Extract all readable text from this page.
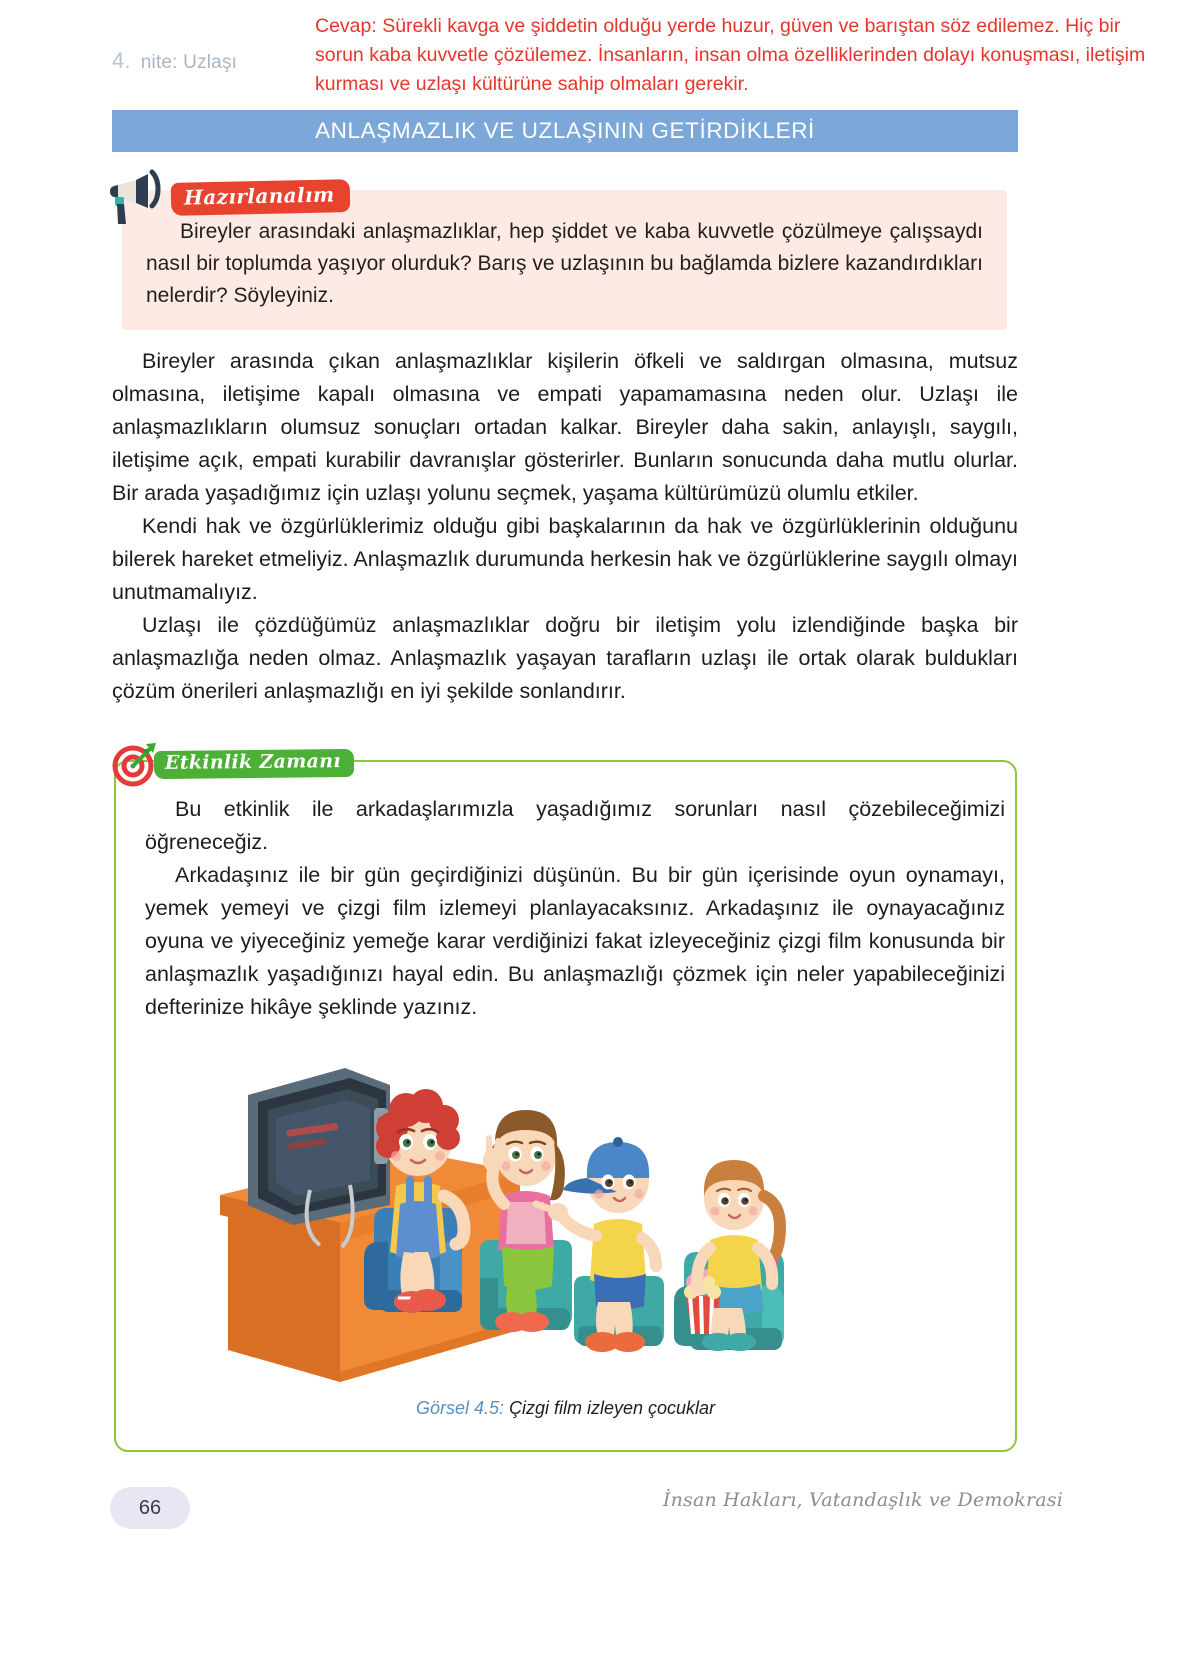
4. nite: Uzlaşı
Cevap: Sürekli kavga ve şiddetin olduğu yerde huzur, güven ve barıştan söz edilemez. Hiç bir sorun kaba kuvvetle çözülemez. İnsanların, insan olma özelliklerinden dolayı konuşması, iletişim kurması ve uzlaşı kültürüne sahip olmaları gerekir.
ANLAŞMAZLIK VE UZLAŞININ GETİRDİKLERİ
Bireyler arasındaki anlaşmazlıklar, hep şiddet ve kaba kuvvetle çözülmeye çalışsaydı nasıl bir toplumda yaşıyor olurduk? Barış ve uzlaşının bu bağlamda bizlere kazandırdıkları nelerdir? Söyleyiniz.
Hazırlanalım

Bireyler arasında çıkan anlaşmazlıklar kişilerin öfkeli ve saldırgan olmasına, mutsuz olmasına, iletişime kapalı olmasına ve empati yapamamasına neden olur. Uzlaşı ile anlaşmazlıkların olumsuz sonuçları ortadan kalkar. Bireyler daha sakin, anlayışlı, saygılı, iletişime açık, empati kurabilir davranışlar gösterirler. Bunların sonucunda daha mutlu olurlar. Bir arada yaşadığımız için uzlaşı yolunu seçmek, yaşama kültürümüzü olumlu etkiler.

Kendi hak ve özgürlüklerimiz olduğu gibi başkalarının da hak ve özgürlüklerinin olduğunu bilerek hareket etmeliyiz. Anlaşmazlık durumunda herkesin hak ve özgürlüklerine saygılı olmayı unutmamalıyız.

Uzlaşı ile çözdüğümüz anlaşmazlıklar doğru bir iletişim yolu izlendiğinde başka bir anlaşmazlığa neden olmaz. Anlaşmazlık yaşayan tarafların uzlaşı ile ortak olarak buldukları çözüm önerileri anlaşmazlığı en iyi şekilde sonlandırır.

Etkinlik Zamanı

Bu etkinlik ile arkadaşlarımızla yaşadığımız sorunları nasıl çözebileceğimizi öğreneceğiz.

Arkadaşınız ile bir gün geçirdiğinizi düşünün. Bu bir gün içerisinde oyun oynamayı, yemek yemeyi ve çizgi film izlemeyi planlayacaksınız. Arkadaşınız ile oynayacağınız oyuna ve yiyeceğiniz yemeğe karar verdiğinizi fakat izleyeceğiniz çizgi film konusunda bir anlaşmazlık yaşadığınızı hayal edin. Bu anlaşmazlığı çözmek için neler yapabileceğinizi defterinize hikâye şeklinde yazınız.

Görsel 4.5: Çizgi film izleyen çocuklar
66	İnsan Hakları, Vatandaşlık ve Demokrasi
